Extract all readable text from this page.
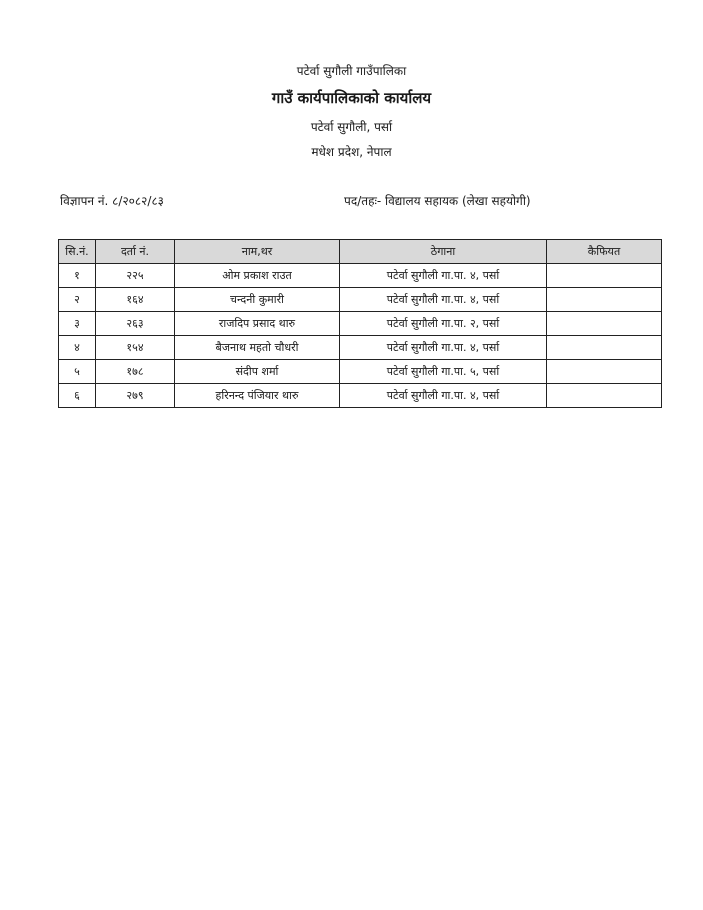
पटेर्वा सुगौली गाउँपालिका
गाउँ कार्यपालिकाको कार्यालय
पटेर्वा सुगौली, पर्सा
मधेश प्रदेश, नेपाल
विज्ञापन नं. ८/२०८२/८३	पद/तहः- विद्यालय सहायक (लेखा सहयोगी)
सि.नं.	दर्ता नं.	नाम,थर	ठेगाना	कैफियत
१	२२५	ओम प्रकाश राउत	पटेर्वा सुगौली गा.पा. ४, पर्सा	
२	१६४	चन्दनी कुमारी	पटेर्वा सुगौली गा.पा. ४, पर्सा	
३	२६३	राजदिप प्रसाद थारु	पटेर्वा सुगौली गा.पा. २, पर्सा	
४	१५४	बैजनाथ महतो चौधरी	पटेर्वा सुगौली गा.पा. ४, पर्सा	
५	१७८	संदीप शर्मा	पटेर्वा सुगौली गा.पा. ५, पर्सा	
६	२७९	हरिनन्द पंजियार थारु	पटेर्वा सुगौली गा.पा. ४, पर्सा	
